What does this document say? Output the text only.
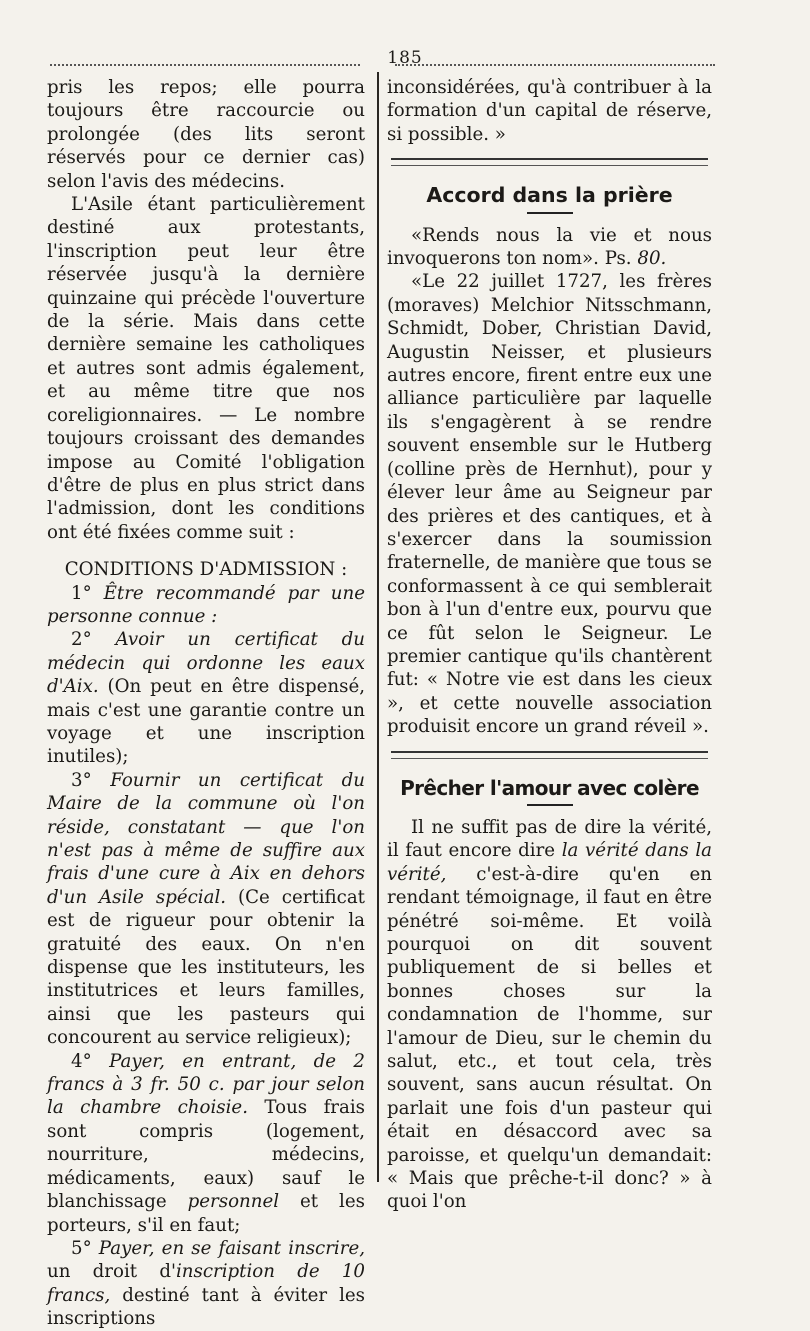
185

pris les repos; elle pourra toujours être raccourcie ou prolongée (des lits seront réservés pour ce dernier cas) selon l'avis des médecins.

L'Asile étant particulièrement destiné aux protestants, l'inscription peut leur être réservée jusqu'à la dernière quinzaine qui précède l'ouverture de la série. Mais dans cette dernière semaine les catholiques et autres sont admis également, et au même titre que nos coreligionnaires. — Le nombre toujours croissant des demandes impose au Comité l'obligation d'être de plus en plus strict dans l'admission, dont les conditions ont été fixées comme suit :

CONDITIONS D'ADMISSION :

1° Être recommandé par une personne connue :

2° Avoir un certificat du médecin qui ordonne les eaux d'Aix. (On peut en être dispensé, mais c'est une garantie contre un voyage et une inscription inutiles);

3° Fournir un certificat du Maire de la commune où l'on réside, constatant — que l'on n'est pas à même de suffire aux frais d'une cure à Aix en dehors d'un Asile spécial. (Ce certificat est de rigueur pour obtenir la gratuité des eaux. On n'en dispense que les instituteurs, les institutrices et leurs familles, ainsi que les pasteurs qui concourent au service religieux);

4° Payer, en entrant, de 2 francs à 3 fr. 50 c. par jour selon la chambre choisie. Tous frais sont compris (logement, nourriture, médecins, médicaments, eaux) sauf le blanchissage personnel et les porteurs, s'il en faut;

5° Payer, en se faisant inscrire, un droit d'inscription de 10 francs, destiné tant à éviter les inscriptions

inconsidérées, qu'à contribuer à la formation d'un capital de réserve, si possible. »

Accord dans la prière

«Rends nous la vie et nous invoquerons ton nom». Ps. 80.

«Le 22 juillet 1727, les frères (moraves) Melchior Nitsschmann, Schmidt, Dober, Christian David, Augustin Neisser, et plusieurs autres encore, firent entre eux une alliance particulière par laquelle ils s'engagèrent à se rendre souvent ensemble sur le Hutberg (colline près de Hernhut), pour y élever leur âme au Seigneur par des prières et des cantiques, et à s'exercer dans la soumission fraternelle, de manière que tous se conformassent à ce qui semblerait bon à l'un d'entre eux, pourvu que ce fût selon le Seigneur. Le premier cantique qu'ils chantèrent fut: « Notre vie est dans les cieux », et cette nouvelle association produisit encore un grand réveil ».

Prêcher l'amour avec colère

Il ne suffit pas de dire la vérité, il faut encore dire la vérité dans la vérité, c'est-à-dire qu'en en rendant témoignage, il faut en être pénétré soi-même. Et voilà pourquoi on dit souvent publiquement de si belles et bonnes choses sur la condamnation de l'homme, sur l'amour de Dieu, sur le chemin du salut, etc., et tout cela, très souvent, sans aucun résultat. On parlait une fois d'un pasteur qui était en désaccord avec sa paroisse, et quelqu'un demandait: « Mais que prêche-t-il donc? » à quoi l'on
